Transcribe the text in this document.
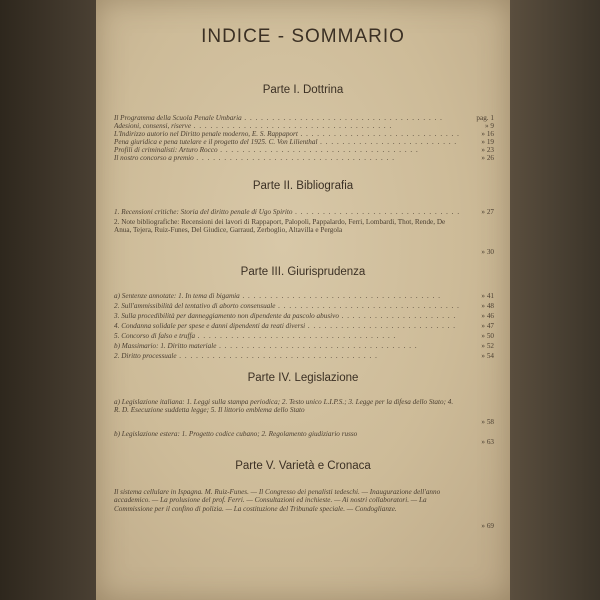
INDICE - SOMMARIO
Parte I. Dottrina
Il Programma della Scuola Penale Umbaria . . .	pag. 1
Adesioni, consensi, riserve . . .	» 9
L'Indirizzo autorio nel Diritto penale moderno, E. S. Rappaport . . .	» 16
Pena giuridica e pena tutelare e il progetto del 1925. C. Von Lilienthal . . .	» 19
Profili di criminalisti: Arturo Rocco . . .	» 23
Il nostro concorso a premio . . .	» 26
Parte II. Bibliografia
1. Recensioni critiche: Storia del diritto penale di Ugo Spirito . . .	» 27
2. Note bibliografiche: Recensioni dei lavori di Rappaport, Palopoli, Pappalardo, Ferri, Lombardi, Thot, Rende, De Anua, Tejera, Ruiz-Funes, Del Giudice, Garraud, Zerboglio, Altavilla e Pergola
» 30
Parte III. Giurisprudenza
a) Sentenze annotate: 1. In tema di bigamia . . .	» 41
2. Sull'ammissibilità del tentativo di aborto consensuale . . .	» 48
3. Sulla procedibilità per danneggiamento non dipendente da pascolo abusivo . . .	» 46
4. Condanna solidale per spese e danni dipendenti da reati diversi . . .	» 47
5. Concorso di falso e truffa . . .	» 50
b) Massimario: 1. Diritto materiale . . .	» 52
2. Diritto processuale . . .	» 54
Parte IV. Legislazione
a) Legislazione italiana: 1. Leggi sulla stampa periodica; 2. Testo unico L.I.P.S.; 3. Legge per la difesa dello Stato; 4. R. D. Esecuzione suddetta legge; 5. Il littorio emblema dello Stato
» 58
b) Legislazione estera: 1. Progetto codice cubano; 2. Regolamento giudiziario russo
» 63
Parte V. Varietà e Cronaca
Il sistema cellulare in Ispagna. M. Ruiz-Funes. — Il Congresso dei penalisti tedeschi. — Inaugurazione dell'anno accademico. — La prolusione del prof. Ferri. — Consultazioni ed inchieste. — Ai nostri collaboratori. — La Commissione per il confino di polizia. — La costituzione del Tribunale speciale. — Condoglianze.
» 69
